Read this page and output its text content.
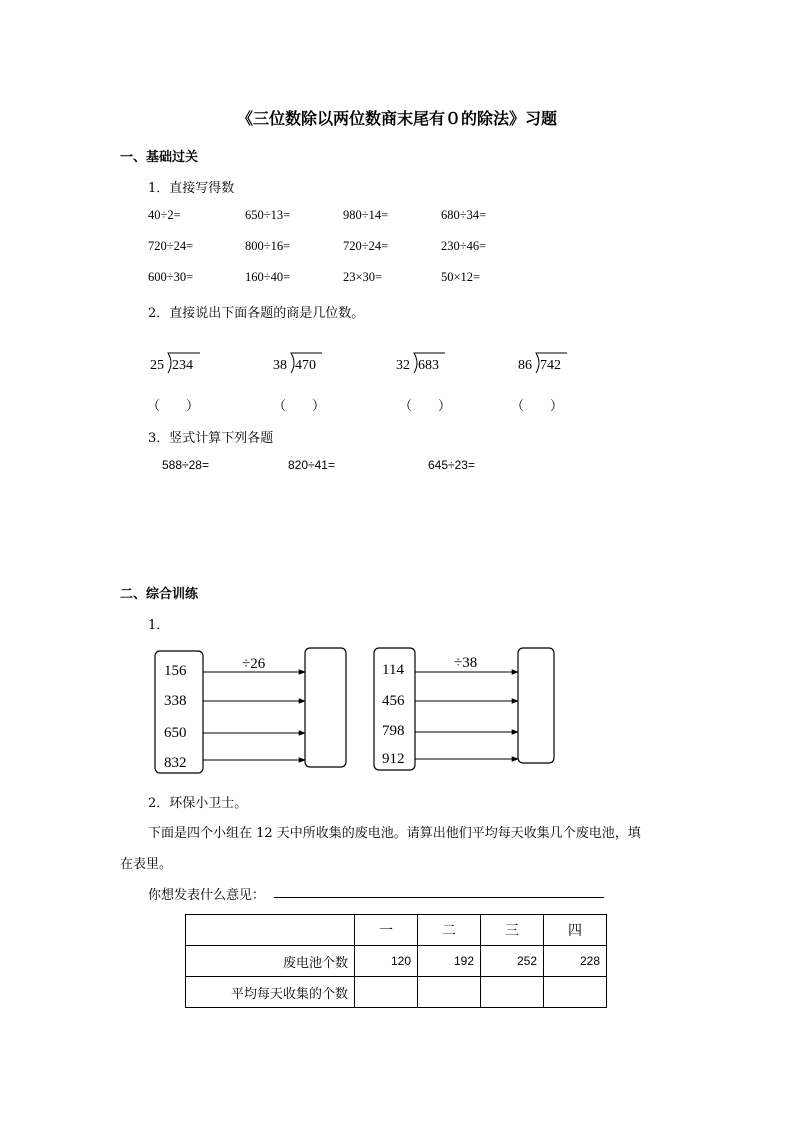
《三位数除以两位数商末尾有０的除法》习题
一、基础过关
1．直接写得数
40÷2=	650÷13=	980÷14=	680÷34=
720÷24=	800÷16=	720÷24=	230÷46=
600÷30=	160÷40=	23×30=	50×12=
2．直接说出下面各题的商是几位数。
25 234	38 470	32 683	86 742
（　　）	（　　）	（　　）	（　　）
3．竖式计算下列各题
588÷28=	820÷41=	645÷23=
二、综合训练
1．
156
338
650
832
÷26	114
456
798
912
÷38
2．环保小卫士。
下面是四个小组在 12 天中所收集的废电池。请算出他们平均每天收集几个废电池，填
在表里。
你想发表什么意见：
	一	二	三	四
废电池个数	120	192	252	228
平均每天收集的个数				
